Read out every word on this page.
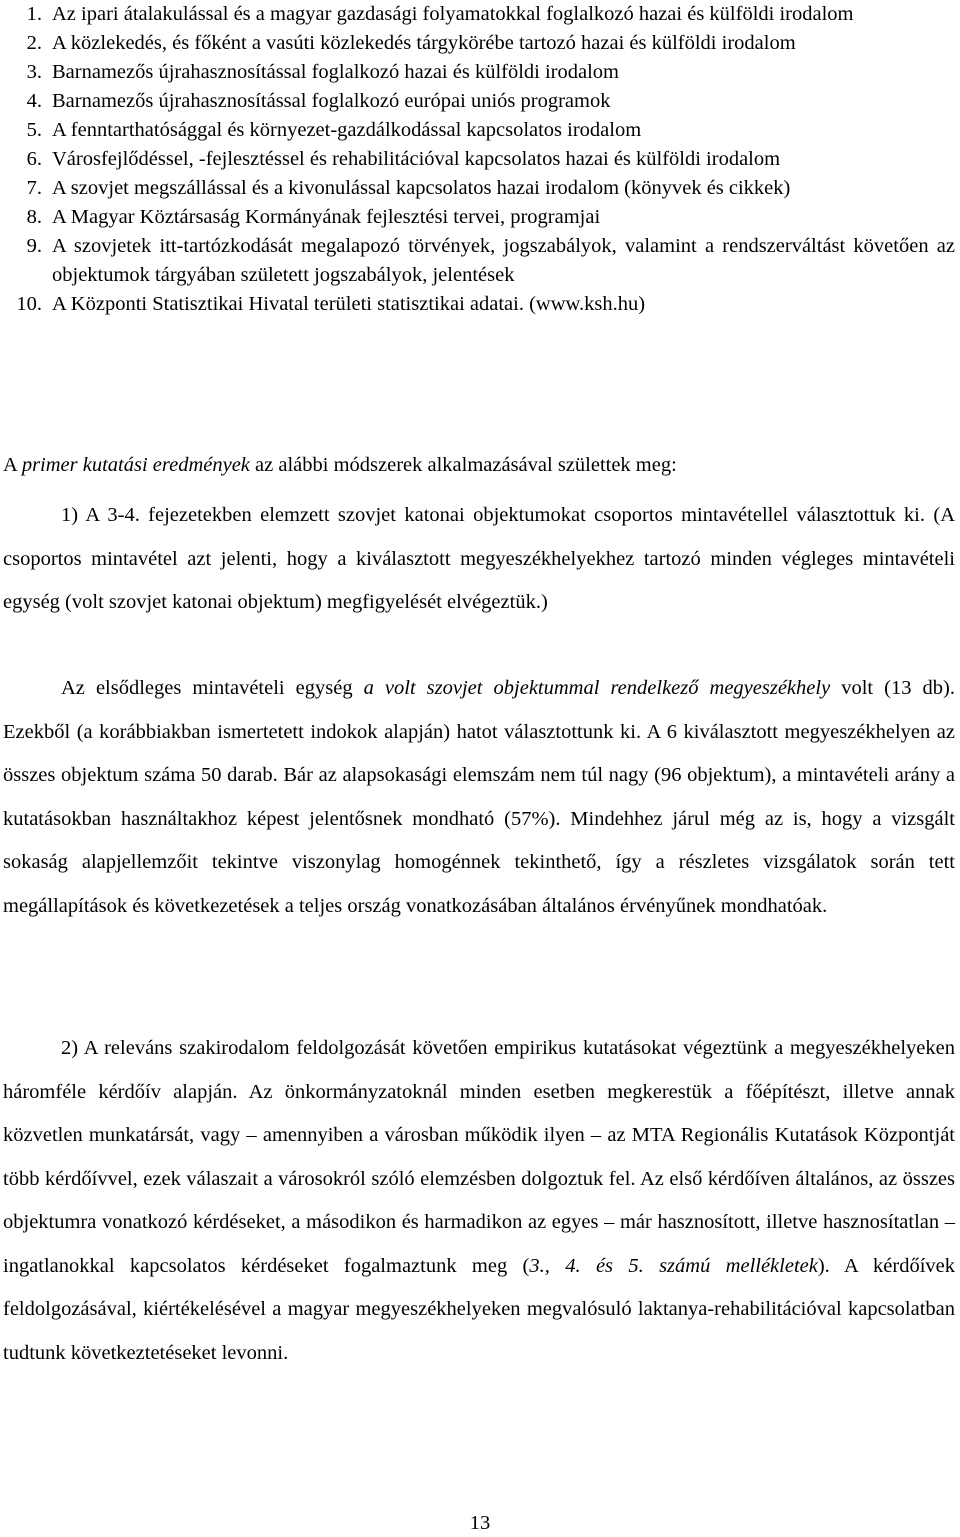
1. Az ipari átalakulással és a magyar gazdasági folyamatokkal foglalkozó hazai és külföldi irodalom
2. A közlekedés, és főként a vasúti közlekedés tárgykörébe tartozó hazai és külföldi irodalom
3. Barnamezős újrahasznosítással foglalkozó hazai és külföldi irodalom
4. Barnamezős újrahasznosítással foglalkozó európai uniós programok
5. A fenntarthatósággal és környezet-gazdálkodással kapcsolatos irodalom
6. Városfejlődéssel, -fejlesztéssel és rehabilitációval kapcsolatos hazai és külföldi irodalom
7. A szovjet megszállással és a kivonulással kapcsolatos hazai irodalom (könyvek és cikkek)
8. A Magyar Köztársaság Kormányának fejlesztési tervei, programjai
9. A szovjetek itt-tartózkodását megalapozó törvények, jogszabályok, valamint a rendszerváltást követően az objektumok tárgyában született jogszabályok, jelentések
10. A Központi Statisztikai Hivatal területi statisztikai adatai. (www.ksh.hu)

A primer kutatási eredmények az alábbi módszerek alkalmazásával születtek meg:

1) A 3-4. fejezetekben elemzett szovjet katonai objektumokat csoportos mintavétellel választottuk ki. (A csoportos mintavétel azt jelenti, hogy a kiválasztott megyeszékhelyekhez tartozó minden végleges mintavételi egység (volt szovjet katonai objektum) megfigyelését elvégeztük.)

Az elsődleges mintavételi egység a volt szovjet objektummal rendelkező megyeszékhely volt (13 db). Ezekből (a korábbiakban ismertetett indokok alapján) hatot választottunk ki. A 6 kiválasztott megyeszékhelyen az összes objektum száma 50 darab. Bár az alapsokasági elemszám nem túl nagy (96 objektum), a mintavételi arány a kutatásokban használtakhoz képest jelentősnek mondható (57%). Mindehhez járul még az is, hogy a vizsgált sokaság alapjellemzőit tekintve viszonylag homogénnek tekinthető, így a részletes vizsgálatok során tett megállapítások és következetések a teljes ország vonatkozásában általános érvényűnek mondhatóak.

2) A releváns szakirodalom feldolgozását követően empirikus kutatásokat végeztünk a megyeszékhelyeken háromféle kérdőív alapján. Az önkormányzatoknál minden esetben megkerestük a főépítészt, illetve annak közvetlen munkatársát, vagy – amennyiben a városban működik ilyen – az MTA Regionális Kutatások Központját több kérdőívvel, ezek válaszait a városokról szóló elemzésben dolgoztuk fel. Az első kérdőíven általános, az összes objektumra vonatkozó kérdéseket, a másodikon és harmadikon az egyes – már hasznosított, illetve hasznosítatlan – ingatlanokkal kapcsolatos kérdéseket fogalmaztunk meg (3., 4. és 5. számú mellékletek). A kérdőívek feldolgozásával, kiértékelésével a magyar megyeszékhelyeken megvalósuló laktanya-rehabilitációval kapcsolatban tudtunk következtetéseket levonni.

13
